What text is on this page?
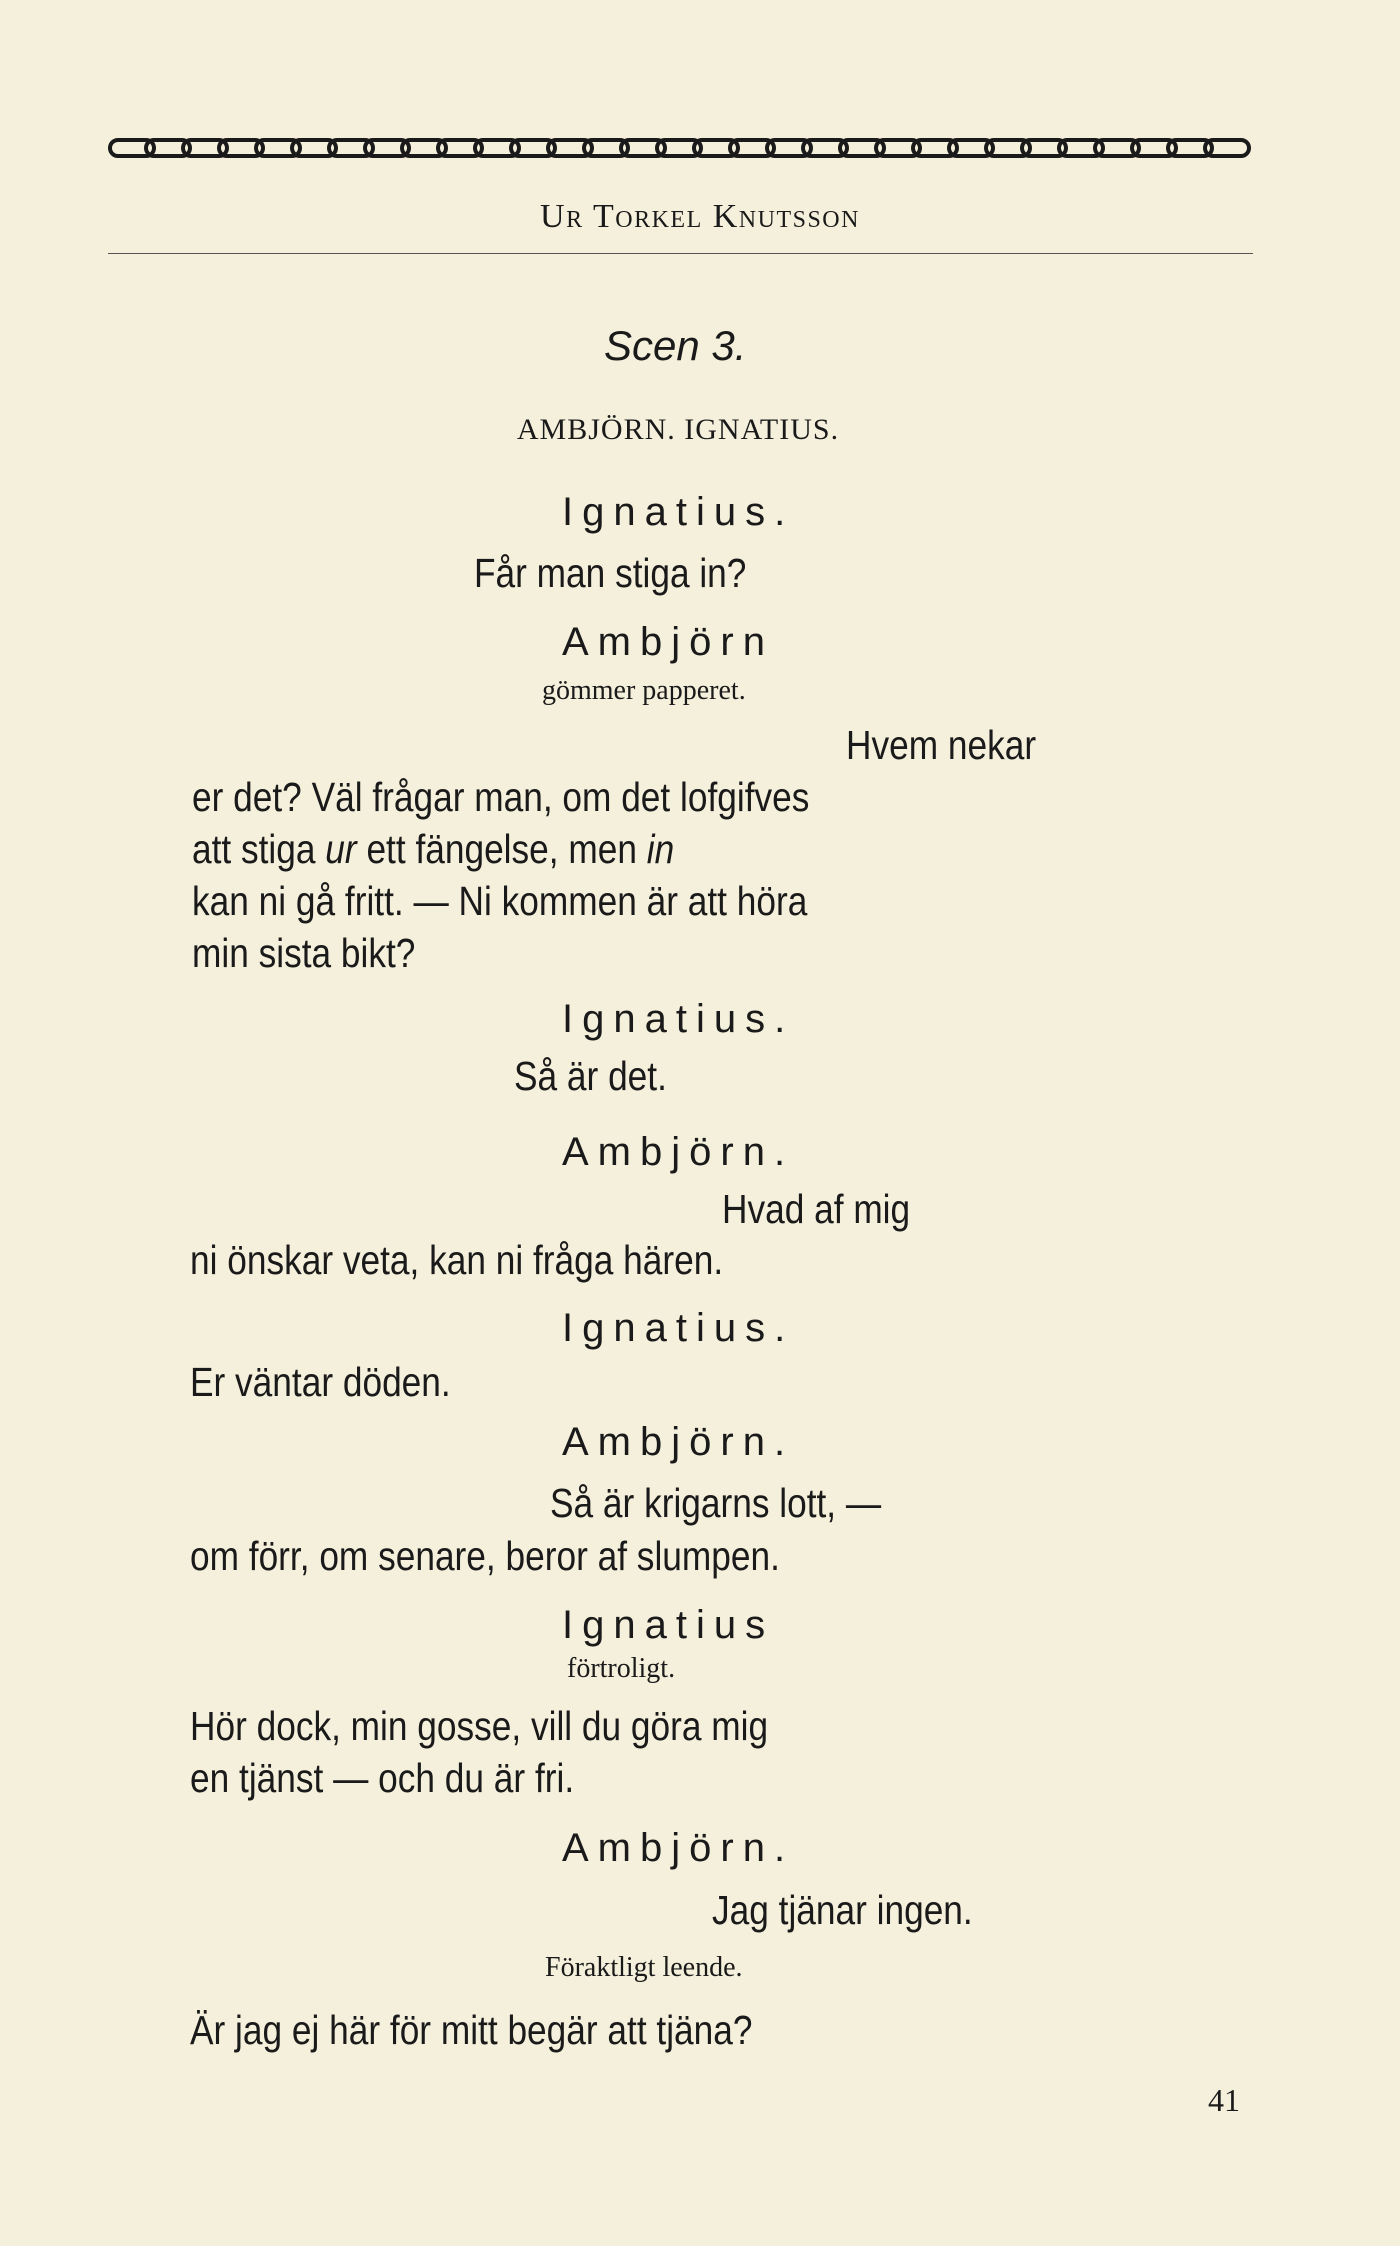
Ur Torkel Knutsson
Scen 3.
AMBJÖRN. IGNATIUS.
Ignatius.
Får man stiga in?
Ambjörn
gömmer papperet.
Hvem nekar
er det? Väl frågar man, om det lofgifves
att stiga ur ett fängelse, men in
kan ni gå fritt. — Ni kommen är att höra
min sista bikt?
Ignatius.
Så är det.
Ambjörn.
Hvad af mig
ni önskar veta, kan ni fråga hären.
Ignatius.
Er väntar döden.
Ambjörn.
Så är krigarns lott, —
om förr, om senare, beror af slumpen.
Ignatius
förtroligt.
Hör dock, min gosse, vill du göra mig
en tjänst — och du är fri.
Ambjörn.
Jag tjänar ingen.
Föraktligt leende.
Är jag ej här för mitt begär att tjäna?
41
